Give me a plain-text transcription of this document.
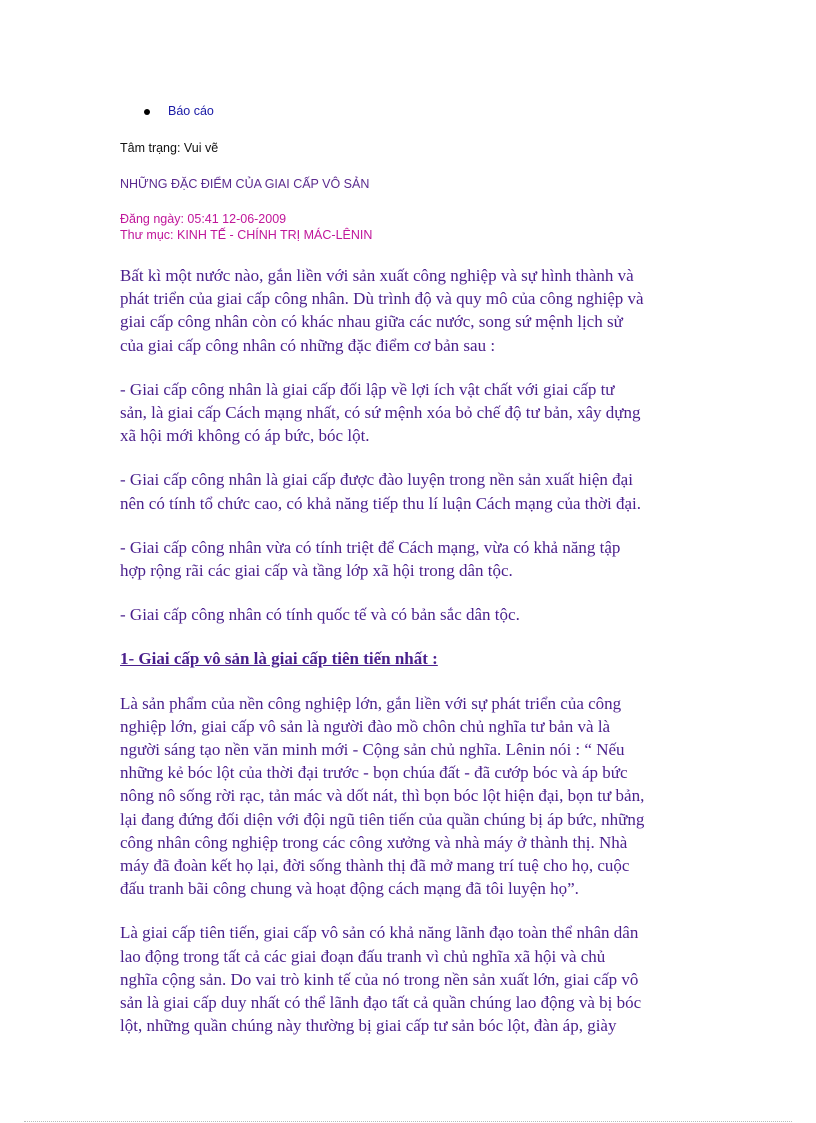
Báo cáo
Tâm trạng: Vui vẽ
NHỮNG ĐẶC ĐIỂM CỦA GIAI CẤP VÔ SẢN
Đăng ngày: 05:41 12-06-2009
Thư mục: KINH TẾ - CHÍNH TRỊ MÁC-LÊNIN

Bất kì một nước nào, gắn liền với sản xuất công nghiệp và sự hình thành và
phát triển của giai cấp công nhân. Dù trình độ và quy mô của công nghiệp và
giai cấp công nhân còn có khác nhau giữa các nước, song sứ mệnh lịch sử
của giai cấp công nhân có những đặc điểm cơ bản sau :

- Giai cấp công nhân là giai cấp đối lập về lợi ích vật chất với giai cấp tư
sản, là giai cấp Cách mạng nhất, có sứ mệnh xóa bỏ chế độ tư bản, xây dựng
xã hội mới không có áp bức, bóc lột.

- Giai cấp công nhân là giai cấp được đào luyện trong nền sản xuất hiện đại
nên có tính tổ chức cao, có khả năng tiếp thu lí luận Cách mạng của thời đại.

- Giai cấp công nhân vừa có tính triệt để Cách mạng, vừa có khả năng tập
hợp rộng rãi các giai cấp và tầng lớp xã hội trong dân tộc.

- Giai cấp công nhân có tính quốc tế và có bản sắc dân tộc.

1- Giai cấp vô sản là giai cấp tiên tiến nhất :

Là sản phẩm của nền công nghiệp lớn, gắn liền với sự phát triển của công
nghiệp lớn, giai cấp vô sản là người đào mồ chôn chủ nghĩa tư bản và là
người sáng tạo nền văn minh mới - Cộng sản chủ nghĩa. Lênin nói : “ Nếu
những kẻ bóc lột của thời đại trước - bọn chúa đất - đã cướp bóc và áp bức
nông nô sống rời rạc, tản mác và dốt nát, thì bọn bóc lột hiện đại, bọn tư bản,
lại đang đứng đối diện với đội ngũ tiên tiến của quần chúng bị áp bức, những
công nhân công nghiệp trong các công xưởng và nhà máy ở thành thị. Nhà
máy đã đoàn kết họ lại, đời sống thành thị đã mở mang trí tuệ cho họ, cuộc
đấu tranh bãi công chung và hoạt động cách mạng đã tôi luyện họ”.

Là giai cấp tiên tiến, giai cấp vô sản có khả năng lãnh đạo toàn thể nhân dân
lao động trong tất cả các giai đoạn đấu tranh vì chủ nghĩa xã hội và chủ
nghĩa cộng sản. Do vai trò kinh tế của nó trong nền sản xuất lớn, giai cấp vô
sản là giai cấp duy nhất có thể lãnh đạo tất cả quần chúng lao động và bị bóc
lột, những quần chúng này thường bị giai cấp tư sản bóc lột, đàn áp, giày
